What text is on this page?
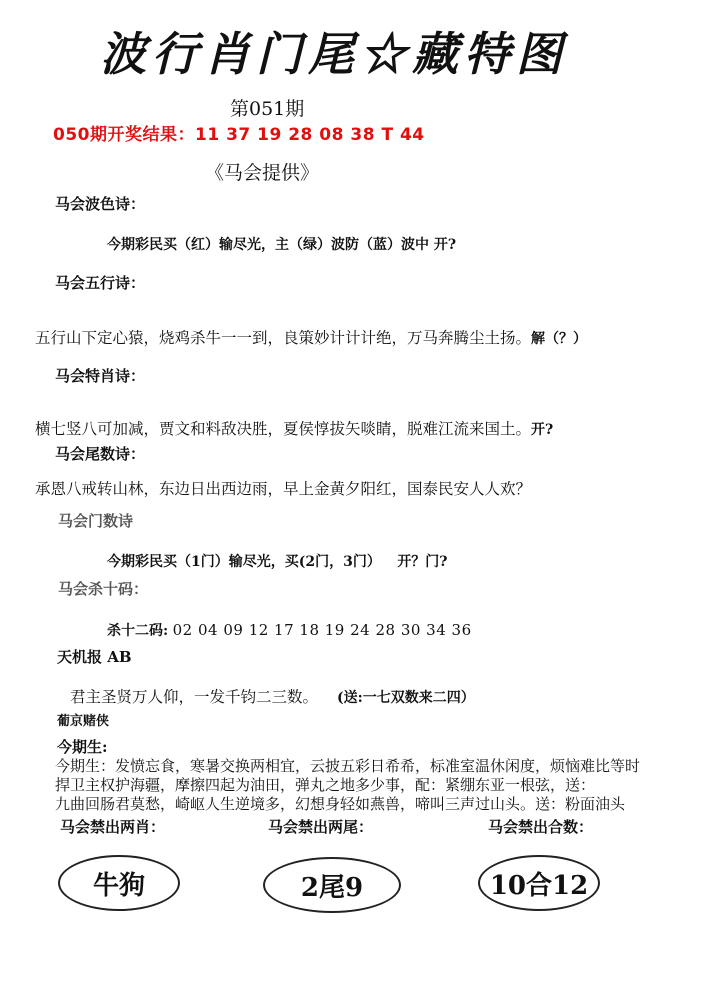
波行肖门尾☆藏特图
第051期
050期开奖结果：11 37 19 28 08 38 T 44
《马会提供》
马会波色诗：
今期彩民买（红）输尽光，主（绿）波防（蓝）波中 开?
马会五行诗：
五行山下定心猿，烧鸡杀牛一一到，良策妙计计计绝，万马奔腾尘土扬。解（？）
马会特肖诗：
横七竖八可加减，贾文和料敌决胜，夏侯惇拔矢啖睛，脱难江流来国土。开?
马会尾数诗：
承恩八戒转山林，东边日出西边雨，早上金黄夕阳红，国泰民安人人欢？
马会门数诗
今期彩民买（1门）输尽光，买(2门，3门） 开？门?
马会杀十码：
杀十二码: 02 04 09 12 17 18 19 24 28 30 34 36
天机报 AB
君主圣贤万人仰，一发千钧二三数。 (送:一七双数来二四）
葡京赌侠
今期生:
今期生：发愤忘食，寒暑交换两相宜，云披五彩日希希，标准室温休闲度，烦恼难比等时
捍卫主权护海疆，摩擦四起为油田，弹丸之地多少事，配：紧绷东亚一根弦，送：
九曲回肠君莫愁，崎岖人生逆境多，幻想身轻如燕兽，啼叫三声过山头。送：粉面油头
马会禁出两肖：	马会禁出两尾：	马会禁出合数：
牛狗	2尾9	10合12
